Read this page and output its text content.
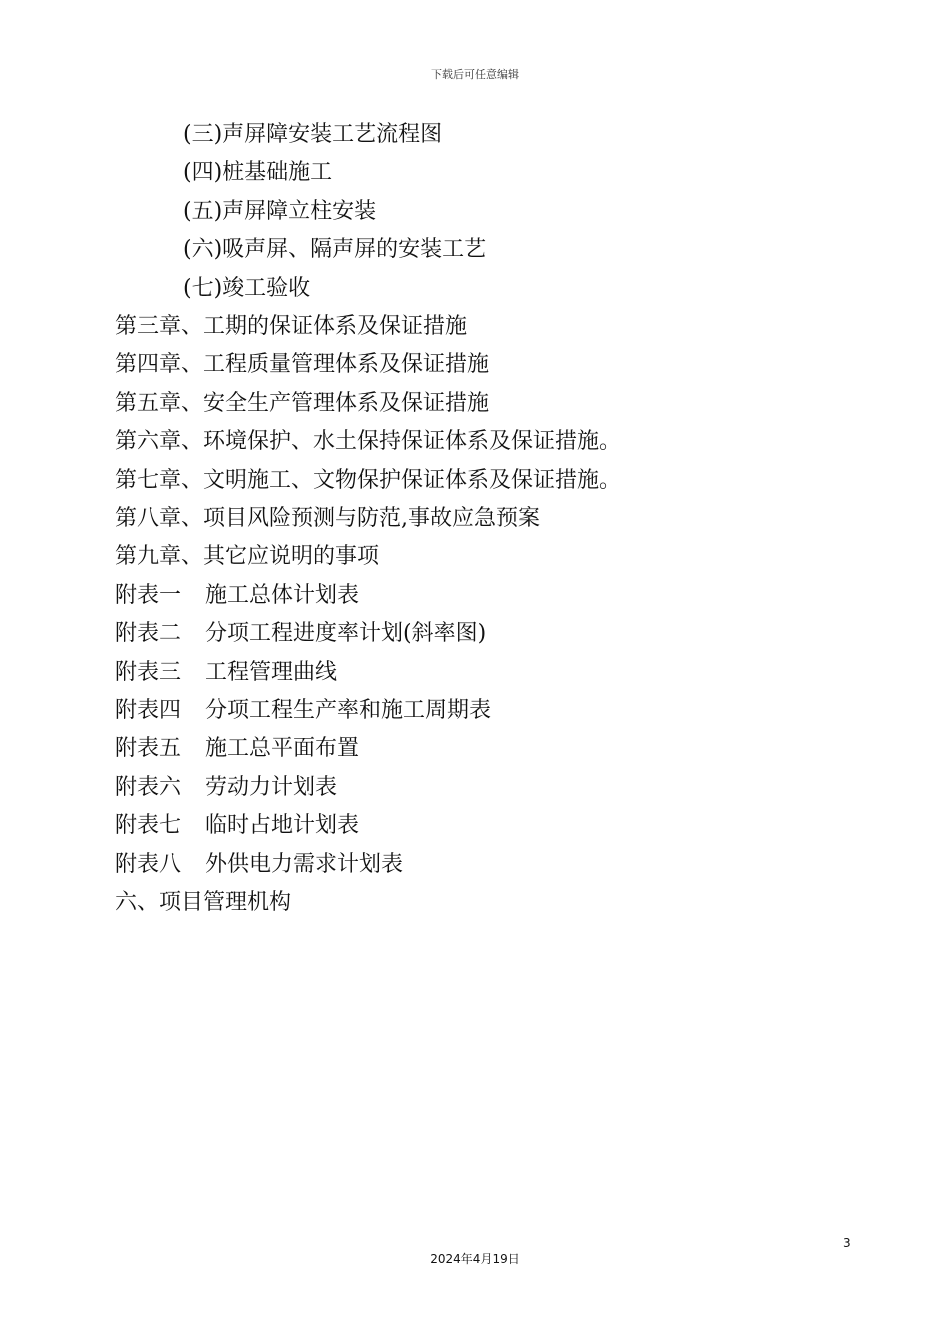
下载后可任意编辑
(三)声屏障安装工艺流程图
(四)桩基础施工
(五)声屏障立柱安装
(六)吸声屏、隔声屏的安装工艺
(七)竣工验收
第三章、工期的保证体系及保证措施
第四章、工程质量管理体系及保证措施
第五章、安全生产管理体系及保证措施
第六章、环境保护、水土保持保证体系及保证措施。
第七章、文明施工、文物保护保证体系及保证措施。
第八章、项目风险预测与防范,事故应急预案
第九章、其它应说明的事项
附表一 施工总体计划表
附表二 分项工程进度率计划(斜率图)
附表三 工程管理曲线
附表四 分项工程生产率和施工周期表
附表五 施工总平面布置
附表六 劳动力计划表
附表七 临时占地计划表
附表八 外供电力需求计划表
六、项目管理机构
3
2024年4月19日
